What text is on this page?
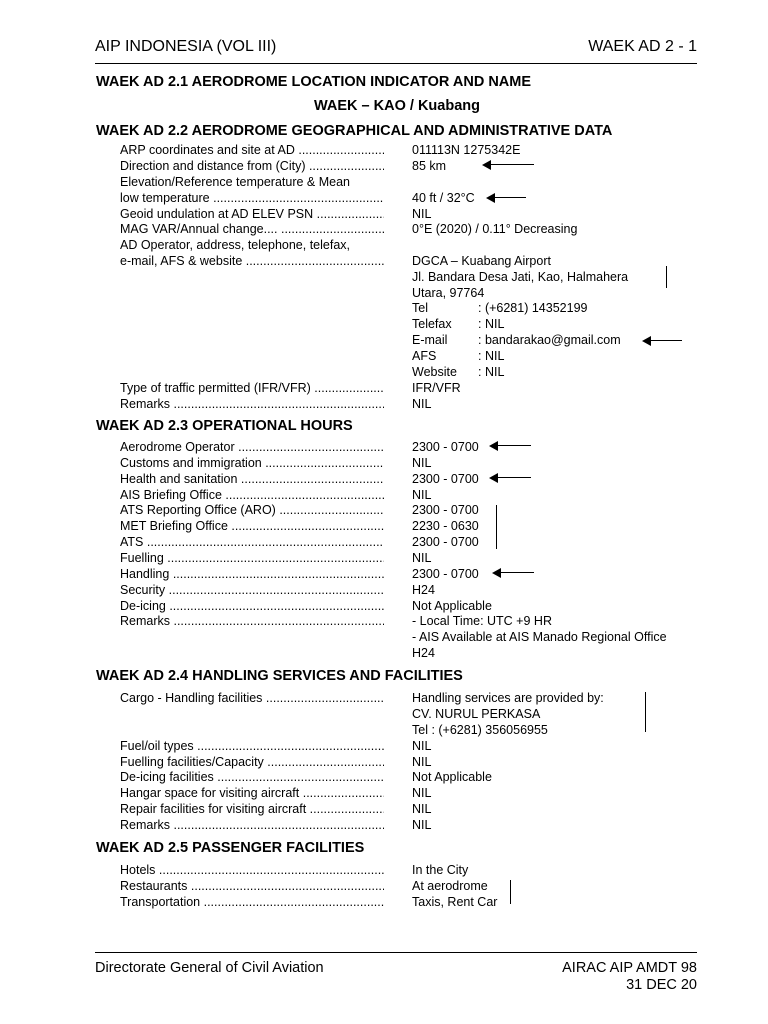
AIP INDONESIA (VOL III)	WAEK AD 2 - 1
WAEK AD 2.1 AERODROME LOCATION INDICATOR AND NAME
WAEK – KAO / Kuabang
WAEK AD 2.2 AERODROME GEOGRAPHICAL AND ADMINISTRATIVE DATA
ARP coordinates and site at AD .....	011113N 1275342E
Direction and distance from (City) .....	85 km
Elevation/Reference temperature & Mean
low temperature .....	40 ft / 32°C
Geoid undulation at AD ELEV PSN .....	NIL
MAG VAR/Annual change.... .....	0°E (2020) / 0.11° Decreasing
AD Operator, address, telephone, telefax,
e-mail, AFS & website .....	DGCA – Kuabang Airport
Jl. Bandara Desa Jati, Kao, Halmahera
Utara, 97764
Tel	: (+6281) 14352199
Telefax : NIL
E-mail : bandarakao@gmail.com
AFS	: NIL
Website : NIL
Type of traffic permitted (IFR/VFR) .....	IFR/VFR
Remarks .....	NIL
WAEK AD 2.3 OPERATIONAL HOURS
Aerodrome Operator .....	2300 - 0700
Customs and immigration .....	NIL
Health and sanitation .....	2300 - 0700
AIS Briefing Office .....	NIL
ATS Reporting Office (ARO) .....	2300 - 0700
MET Briefing Office .....	2230 - 0630
ATS .....	2300 - 0700
Fuelling .....	NIL
Handling .....	2300 - 0700
Security .....	H24
De-icing .....	Not Applicable
Remarks .....	- Local Time: UTC +9 HR
- AIS Available at AIS Manado Regional Office
H24
WAEK AD 2.4 HANDLING SERVICES AND FACILITIES
Cargo - Handling facilities .....	Handling services are provided by:
CV. NURUL PERKASA
Tel : (+6281) 356056955
Fuel/oil types .....	NIL
Fuelling facilities/Capacity .....	NIL
De-icing facilities .....	Not Applicable
Hangar space for visiting aircraft .....	NIL
Repair facilities for visiting aircraft .....	NIL
Remarks .....	NIL
WAEK AD 2.5 PASSENGER FACILITIES
Hotels .....	In the City
Restaurants .....	At aerodrome
Transportation .....	Taxis, Rent Car
Directorate General of Civil Aviation	AIRAC AIP AMDT 98
31 DEC 20
